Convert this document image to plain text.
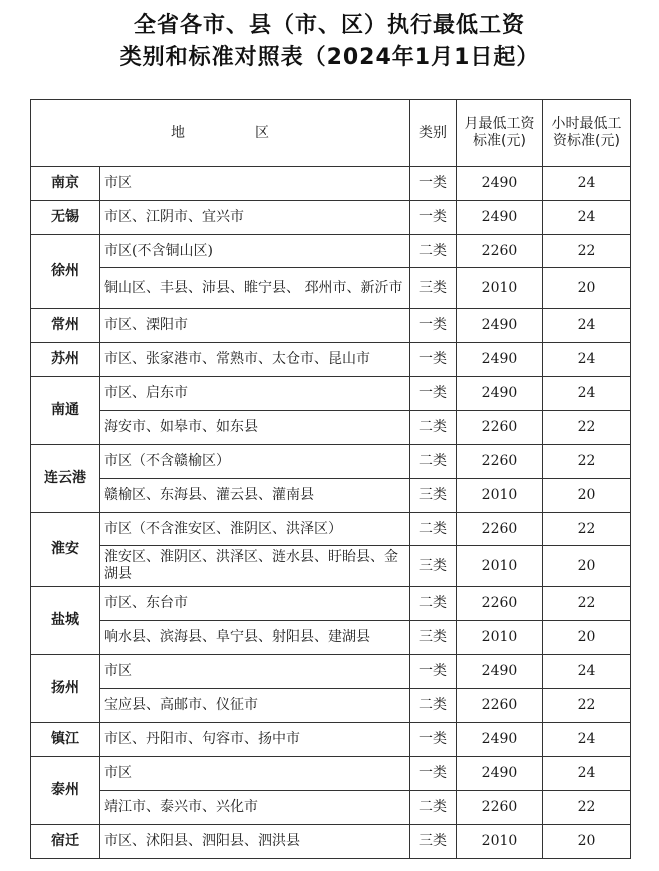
全省各市、县（市、区）执行最低工资
类别和标准对照表（2024年1月1日起）
地 区		类别	月最低工资标准(元)	小时最低工资标准(元)
南京	市区	一类	2490	24
无锡	市区、江阴市、宜兴市	一类	2490	24
徐州	市区(不含铜山区)	二类	2260	22
	铜山区、丰县、沛县、睢宁县、 邳州市、新沂市	三类	2010	20
常州	市区、溧阳市	一类	2490	24
苏州	市区、张家港市、常熟市、太仓市、昆山市	一类	2490	24
南通	市区、启东市	一类	2490	24
	海安市、如皋市、如东县	二类	2260	22
连云港	市区（不含赣榆区）	二类	2260	22
	赣榆区、东海县、灌云县、灌南县	三类	2010	20
淮安	市区（不含淮安区、淮阴区、洪泽区）	二类	2260	22
	淮安区、淮阴区、洪泽区、涟水县、盱眙县、金湖县	三类	2010	20
盐城	市区、东台市	二类	2260	22
	响水县、滨海县、阜宁县、射阳县、建湖县	三类	2010	20
扬州	市区	一类	2490	24
	宝应县、高邮市、仪征市	二类	2260	22
镇江	市区、丹阳市、句容市、扬中市	一类	2490	24
泰州	市区	一类	2490	24
	靖江市、泰兴市、兴化市	二类	2260	22
宿迁	市区、沭阳县、泗阳县、泗洪县	三类	2010	20
